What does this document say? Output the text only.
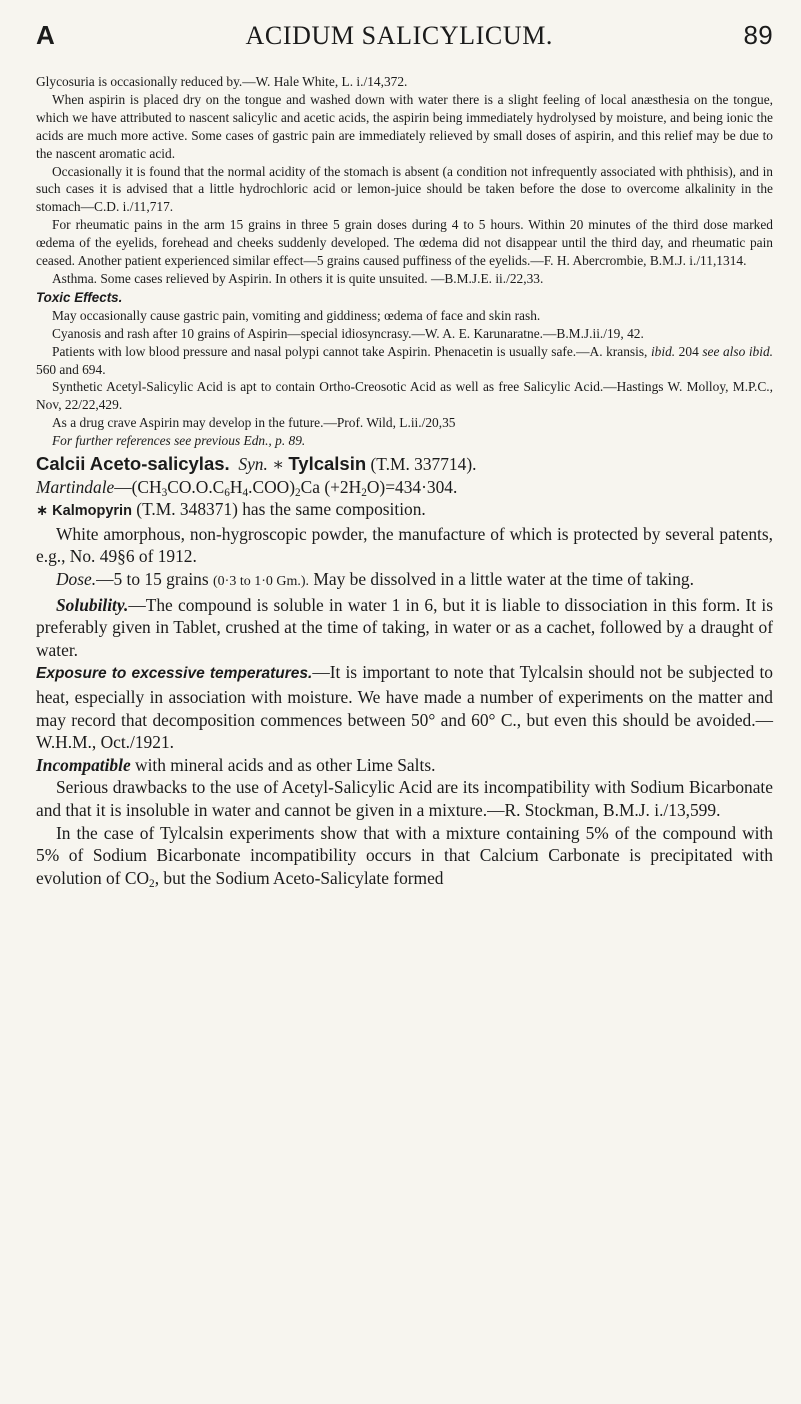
A	ACIDUM SALICYLICUM.	89

Glycosuria is occasionally reduced by.—W. Hale White, L. i./14,372.

When aspirin is placed dry on the tongue and washed down with water there is a slight feeling of local anæsthesia on the tongue, which we have attributed to nascent salicylic and acetic acids, the aspirin being immediately hydrolysed by moisture, and being ionic the acids are much more active. Some cases of gastric pain are immediately relieved by small doses of aspirin, and this relief may be due to the nascent aromatic acid.

Occasionally it is found that the normal acidity of the stomach is absent (a condition not infrequently associated with phthisis), and in such cases it is advised that a little hydrochloric acid or lemon-juice should be taken before the dose to overcome alkalinity in the stomach—C.D. i./11,717.

For rheumatic pains in the arm 15 grains in three 5 grain doses during 4 to 5 hours. Within 20 minutes of the third dose marked œdema of the eyelids, forehead and cheeks suddenly developed. The œdema did not disappear until the third day, and rheumatic pain ceased. Another patient experienced similar effect—5 grains caused puffiness of the eyelids.—F. H. Abercrombie, B.M.J. i./11,1314.

Asthma. Some cases relieved by Aspirin. In others it is quite unsuited. —B.M.J.E. ii./22,33.

Toxic Effects.

May occasionally cause gastric pain, vomiting and giddiness; œdema of face and skin rash.

Cyanosis and rash after 10 grains of Aspirin—special idiosyncrasy.—W. A. E. Karunaratne.—B.M.J.ii./19, 42.

Patients with low blood pressure and nasal polypi cannot take Aspirin. Phenacetin is usually safe.—A. kransis, ibid. 204 see also ibid. 560 and 694.

Synthetic Acetyl-Salicylic Acid is apt to contain Ortho-Creosotic Acid as well as free Salicylic Acid.—Hastings W. Molloy, M.P.C., Nov, 22/22,429.

As a drug crave Aspirin may develop in the future.—Prof. Wild, L.ii./20,35

For further references see previous Edn., p. 89.

Calcii Aceto-salicylas. Syn. ∗ Tylcalsin (T.M. 337714).

$Martindale—(CH_3CO.O.C_6H_4.COO)_2Ca$ $(+2H_2O)=434\cdot 304$.

∗ Kalmopyrin (T.M. 348371) has the same composition.

White amorphous, non-hygroscopic powder, the manufacture of which is protected by several patents, e.g., No. 49§6 of 1912.

Dose.—5 to 15 grains (0·3 to 1·0 Gm.). May be dissolved in a little water at the time of taking.

Solubility.—The compound is soluble in water 1 in 6, but it is liable to dissociation in this form. It is preferably given in Tablet, crushed at the time of taking, in water or as a cachet, followed by a draught of water.

Exposure to excessive temperatures.—It is important to note that Tylcalsin should not be subjected to heat, especially in association with moisture. We have made a number of experiments on the matter and may record that decomposition commences between 50° and 60° C., but even this should be avoided.—W.H.M., Oct./1921.

Incompatible with mineral acids and as other Lime Salts.

Serious drawbacks to the use of Acetyl-Salicylic Acid are its incompatibility with Sodium Bicarbonate and that it is insoluble in water and cannot be given in a mixture.—R. Stockman, B.M.J. i./13,599.

In the case of Tylcalsin experiments show that with a mixture containing 5% of the compound with 5% of Sodium Bicarbonate incompatibility occurs in that Calcium Carbonate is precipitated with evolution of $CO_2$, but the Sodium Aceto-Salicylate formed
